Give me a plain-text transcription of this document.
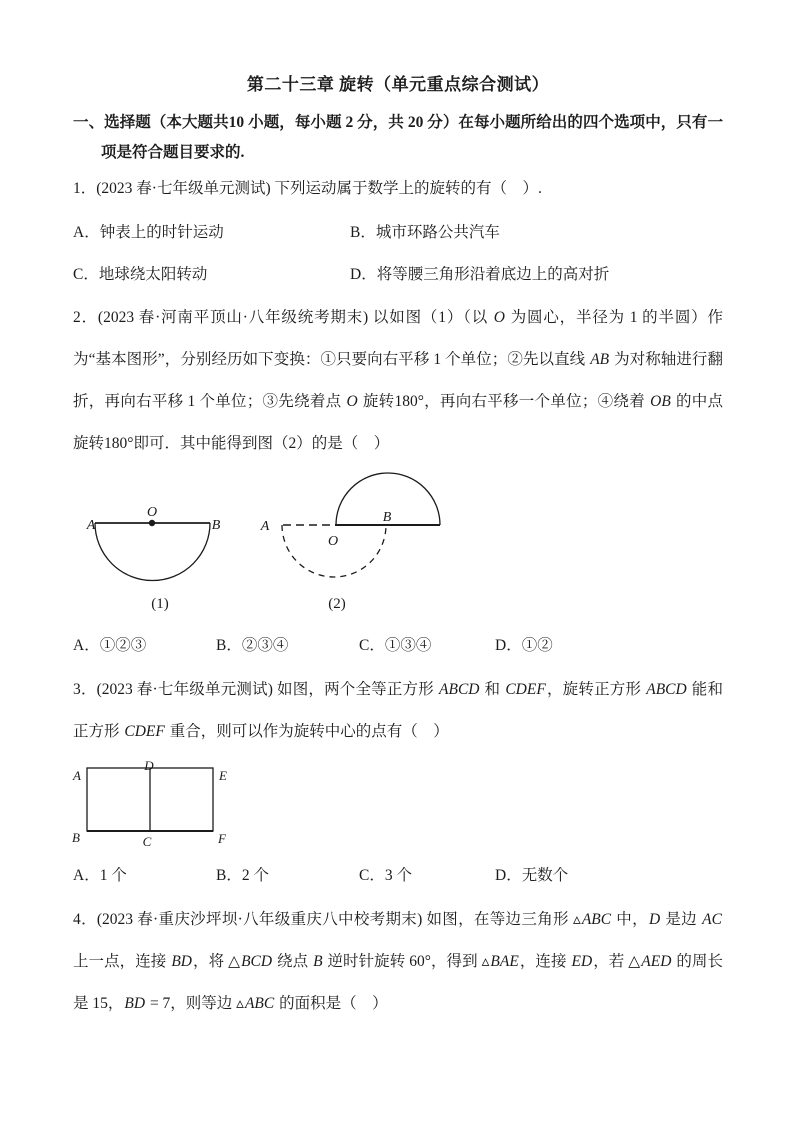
第二十三章 旋转（单元重点综合测试）

一、选择题（本大题共10 小题，每小题 2 分，共 20 分）在每小题所给出的四个选项中，只有一项是符合题目要求的.

1．(2023 春·七年级单元测试) 下列运动属于数学上的旋转的有（　）.

A．钟表上的时针运动	B．城市环路公共汽车
C．地球绕太阳转动	D．将等腰三角形沿着底边上的高对折

2．(2023 春·河南平顶山·八年级统考期末) 以如图（1）（以 O 为圆心，半径为 1 的半圆）作为“基本图形”，分别经历如下变换：①只要向右平移 1 个单位；②先以直线 AB 为对称轴进行翻折，再向右平移 1 个单位；③先绕着点 O 旋转180°，再向右平移一个单位；④绕着 OB 的中点旋转180°即可．其中能得到图（2）的是（　）

O
A	B
(1)
A
O
B
(2)
A．①②③	B．②③④	C．①③④	D．①②

3．(2023 春·七年级单元测试) 如图，两个全等正方形 ABCD 和 CDEF，旋转正方形 ABCD 能和正方形 CDEF 重合，则可以作为旋转中心的点有（　）

A
D
E
B	C	F
A．1 个	B．2 个	C．3 个	D．无数个

4．(2023 春·重庆沙坪坝·八年级重庆八中校考期末) 如图，在等边三角形 ▵ABC 中，D 是边 AC 上一点，连接 BD，将 △BCD 绕点 B 逆时针旋转 60°，得到 ▵BAE，连接 ED，若 △AED 的周长是 15，BD = 7，则等边 ▵ABC 的面积是（　）
